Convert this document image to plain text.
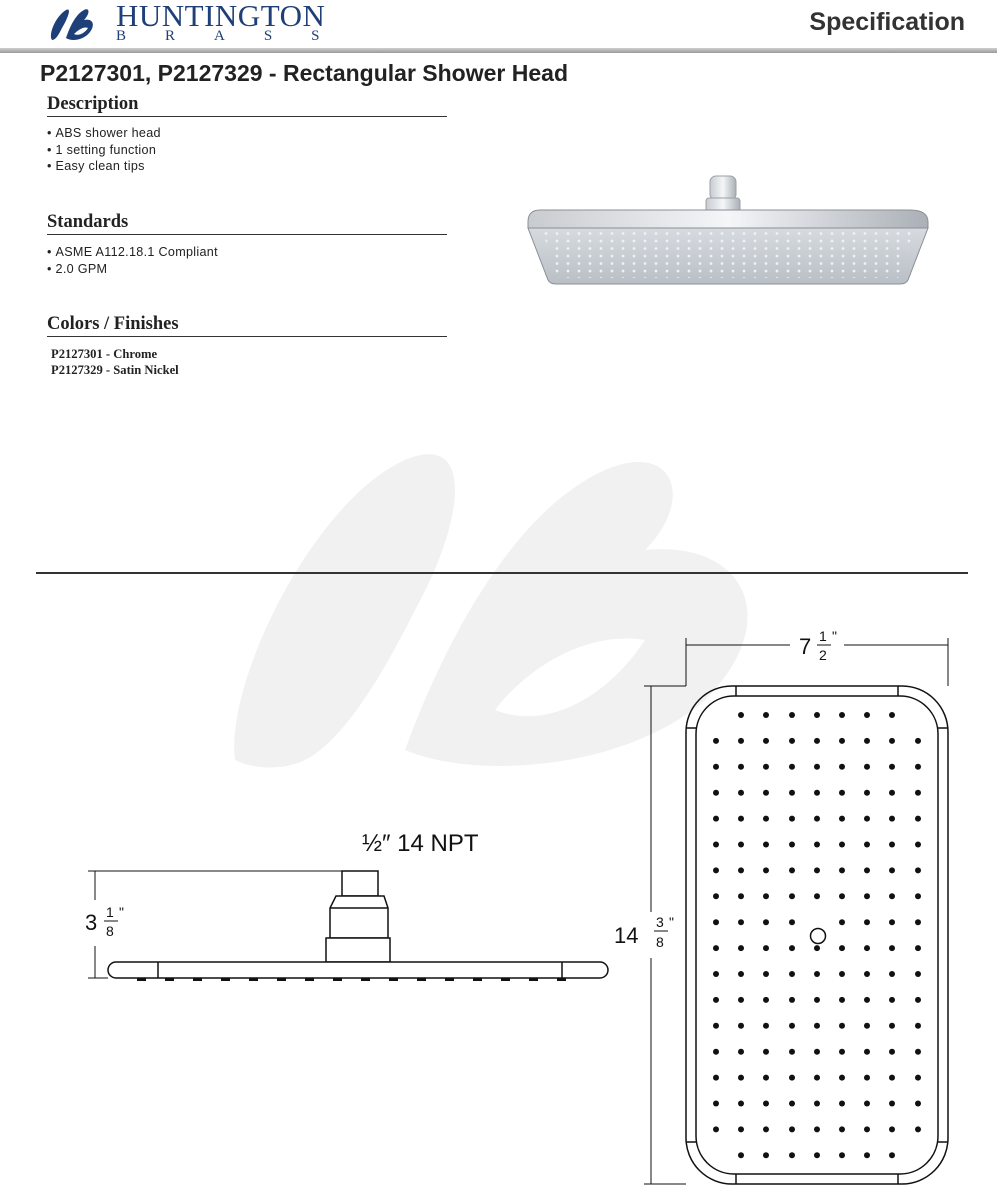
HUNTINGTON
BRASS	Specification
P2127301, P2127329 - Rectangular Shower Head
Description
• ABS shower head
• 1 setting function
• Easy clean tips
Standards
• ASME A112.18.1 Compliant
• 2.0 GPM
Colors / Finishes
P2127301 - Chrome
P2127329 - Satin Nickel
3 1
8
"
½″ 14 NPT
7 1
2
"
14
3
8
"
